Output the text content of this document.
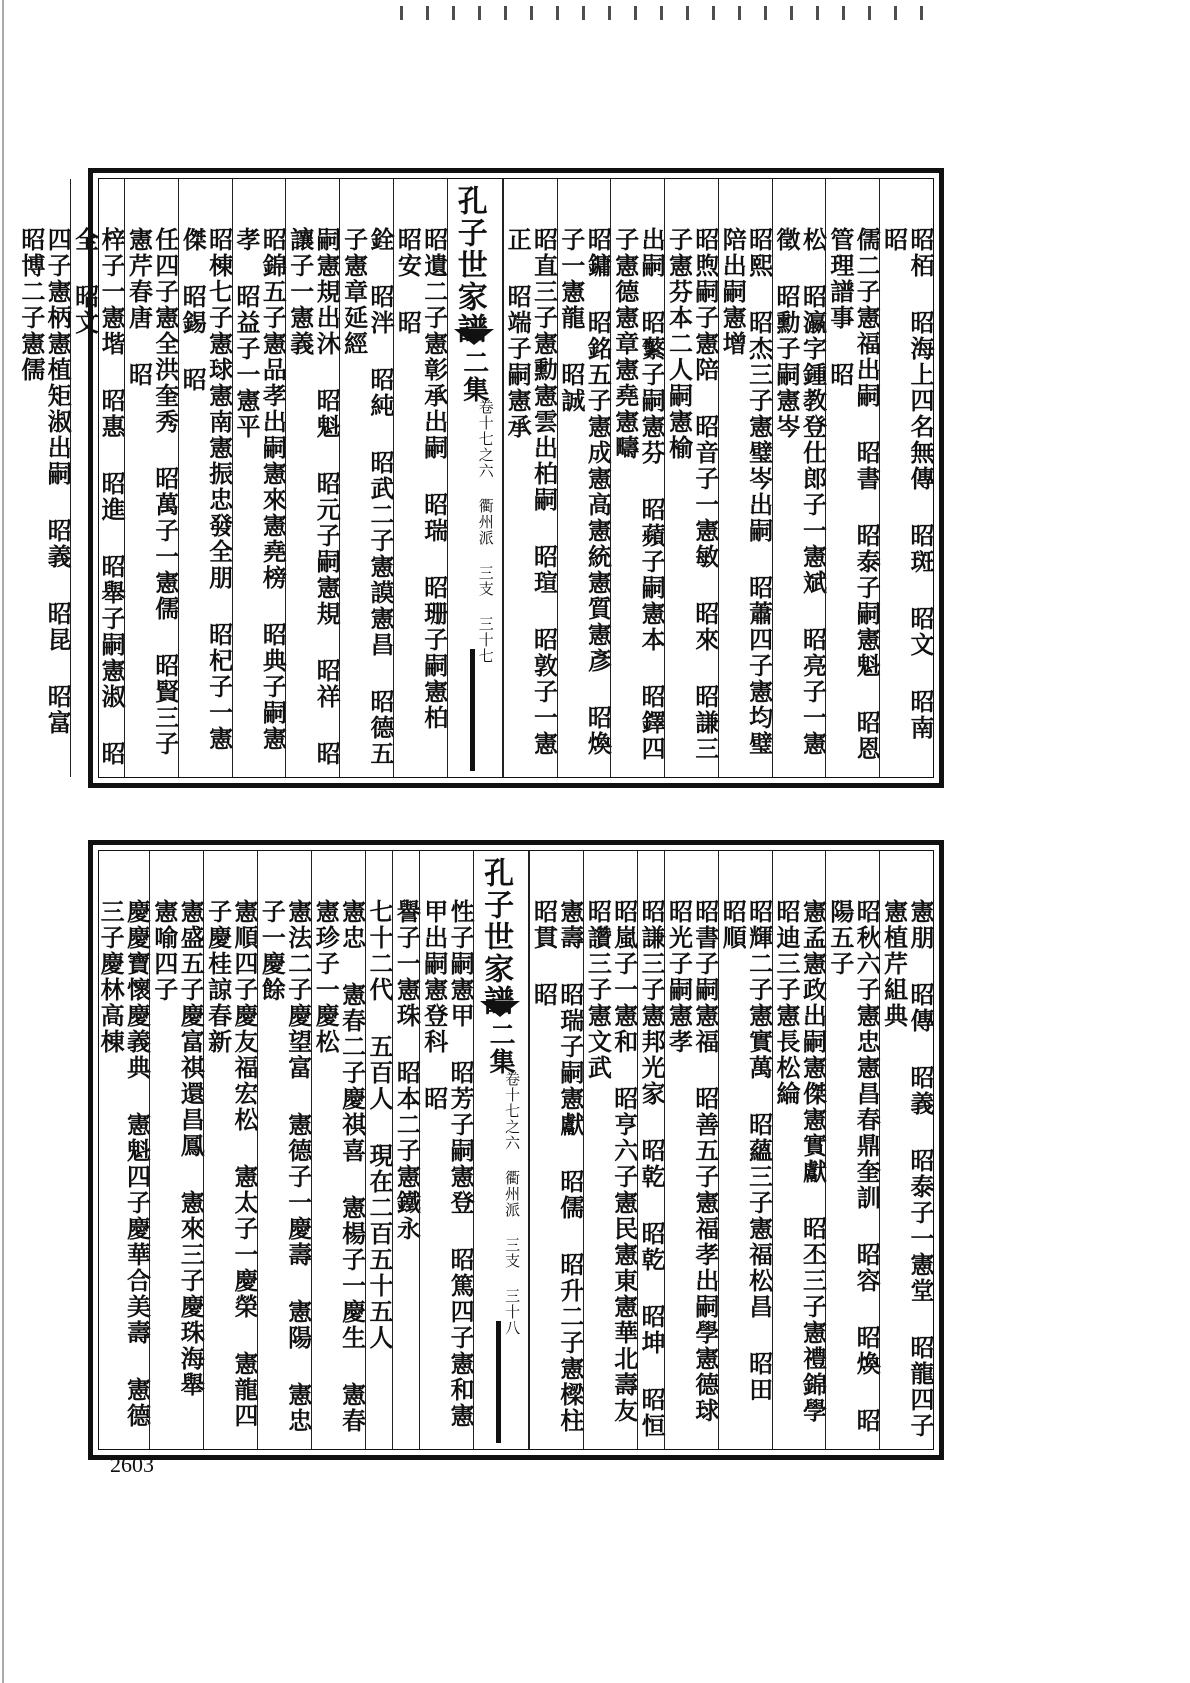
昭栢 昭海上四名無傳 昭斑 昭文 昭南 昭
儒二子憲福出嗣 昭書 昭泰子嗣憲魁 昭恩管理譜事 昭
松 昭瀛字鍾教登仕郎子一憲斌 昭亮子一憲徵 昭勳子嗣憲岑
昭熙 昭杰三子憲璧岑出嗣 昭蕭四子憲均璧陪出嗣憲增
昭煦嗣子憲陪 昭音子一憲敏 昭來 昭謙三子憲芬本二人嗣憲榆
出嗣 昭蘩子嗣憲芬 昭蘋子嗣憲本 昭鐸四子憲德憲章憲堯憲疇
昭鏞 昭銘五子憲成憲高憲統憲質憲彥 昭煥子一憲龍 昭誠
昭直三子憲勳憲雲出柏嗣 昭瑄 昭敦子一憲正 昭端子嗣憲承
孔子世家譜
二集
卷十七之六 衢州派 三支 三十七
昭遺二子憲彰承出嗣 昭瑞 昭珊子嗣憲柏 昭安 昭
銓 昭泮 昭純 昭武二子憲謨憲昌 昭德五子憲章延經
嗣憲規出沐 昭魁 昭元子嗣憲規 昭祥 昭讓子一憲義
昭錦五子憲品孝出嗣憲來憲堯榜 昭典子嗣憲孝 昭益子一憲平
昭棟七子憲球憲南憲振忠發全朋 昭杞子一憲傑 昭錫 昭
任四子憲全洪奎秀 昭萬子一憲儒 昭賢三子憲芹春唐 昭
梓子一憲堦 昭惠 昭進 昭舉子嗣憲淑 昭全 昭文
四子憲柄憲植矩淑出嗣 昭義 昭昆 昭富 昭博二子憲儒
憲朋 昭傳 昭義 昭泰子一憲堂 昭龍四子憲植芹組典
昭秋六子憲忠憲昌春鼎奎訓 昭容 昭煥 昭陽五子
憲孟憲政出嗣憲傑憲實獻 昭丕三子憲禮錦學 昭迪三子憲長松綸
昭輝二子憲實萬 昭蘊三子憲福松昌 昭田 昭順
昭書子嗣憲福 昭善五子憲福孝出嗣學憲德球 昭光子嗣憲孝
昭謙三子憲邦光家 昭乾 昭乾 昭坤 昭恒
昭嵐子一憲和 昭亨六子憲民憲東憲華北壽友 昭讚三子憲文武
憲壽 昭瑞子嗣憲獻 昭儒 昭升二子憲樑柱 昭貫 昭
孔子世家譜
二集
卷十七之六 衢州派 三支 三十八
性子嗣憲甲 昭芳子嗣憲登 昭篤四子憲和憲甲出嗣憲登科 昭
譽子一憲珠 昭本二子憲鐵永
七十二代 五百人 現在二百五十五人
憲忠 憲春二子慶祺喜 憲楊子一慶生 憲春 憲珍子一慶松
憲法二子慶望富 憲德子一慶壽 憲陽 憲忠子一慶餘
憲順四子慶友福宏松 憲太子一慶榮 憲龍四子慶桂諒春新
憲盛五子慶富祺還昌鳳 憲來三子慶珠海舉 憲喻四子
慶慶寶懷慶義典 憲魁四子慶華合美壽 憲德三子慶林高棟
2603
